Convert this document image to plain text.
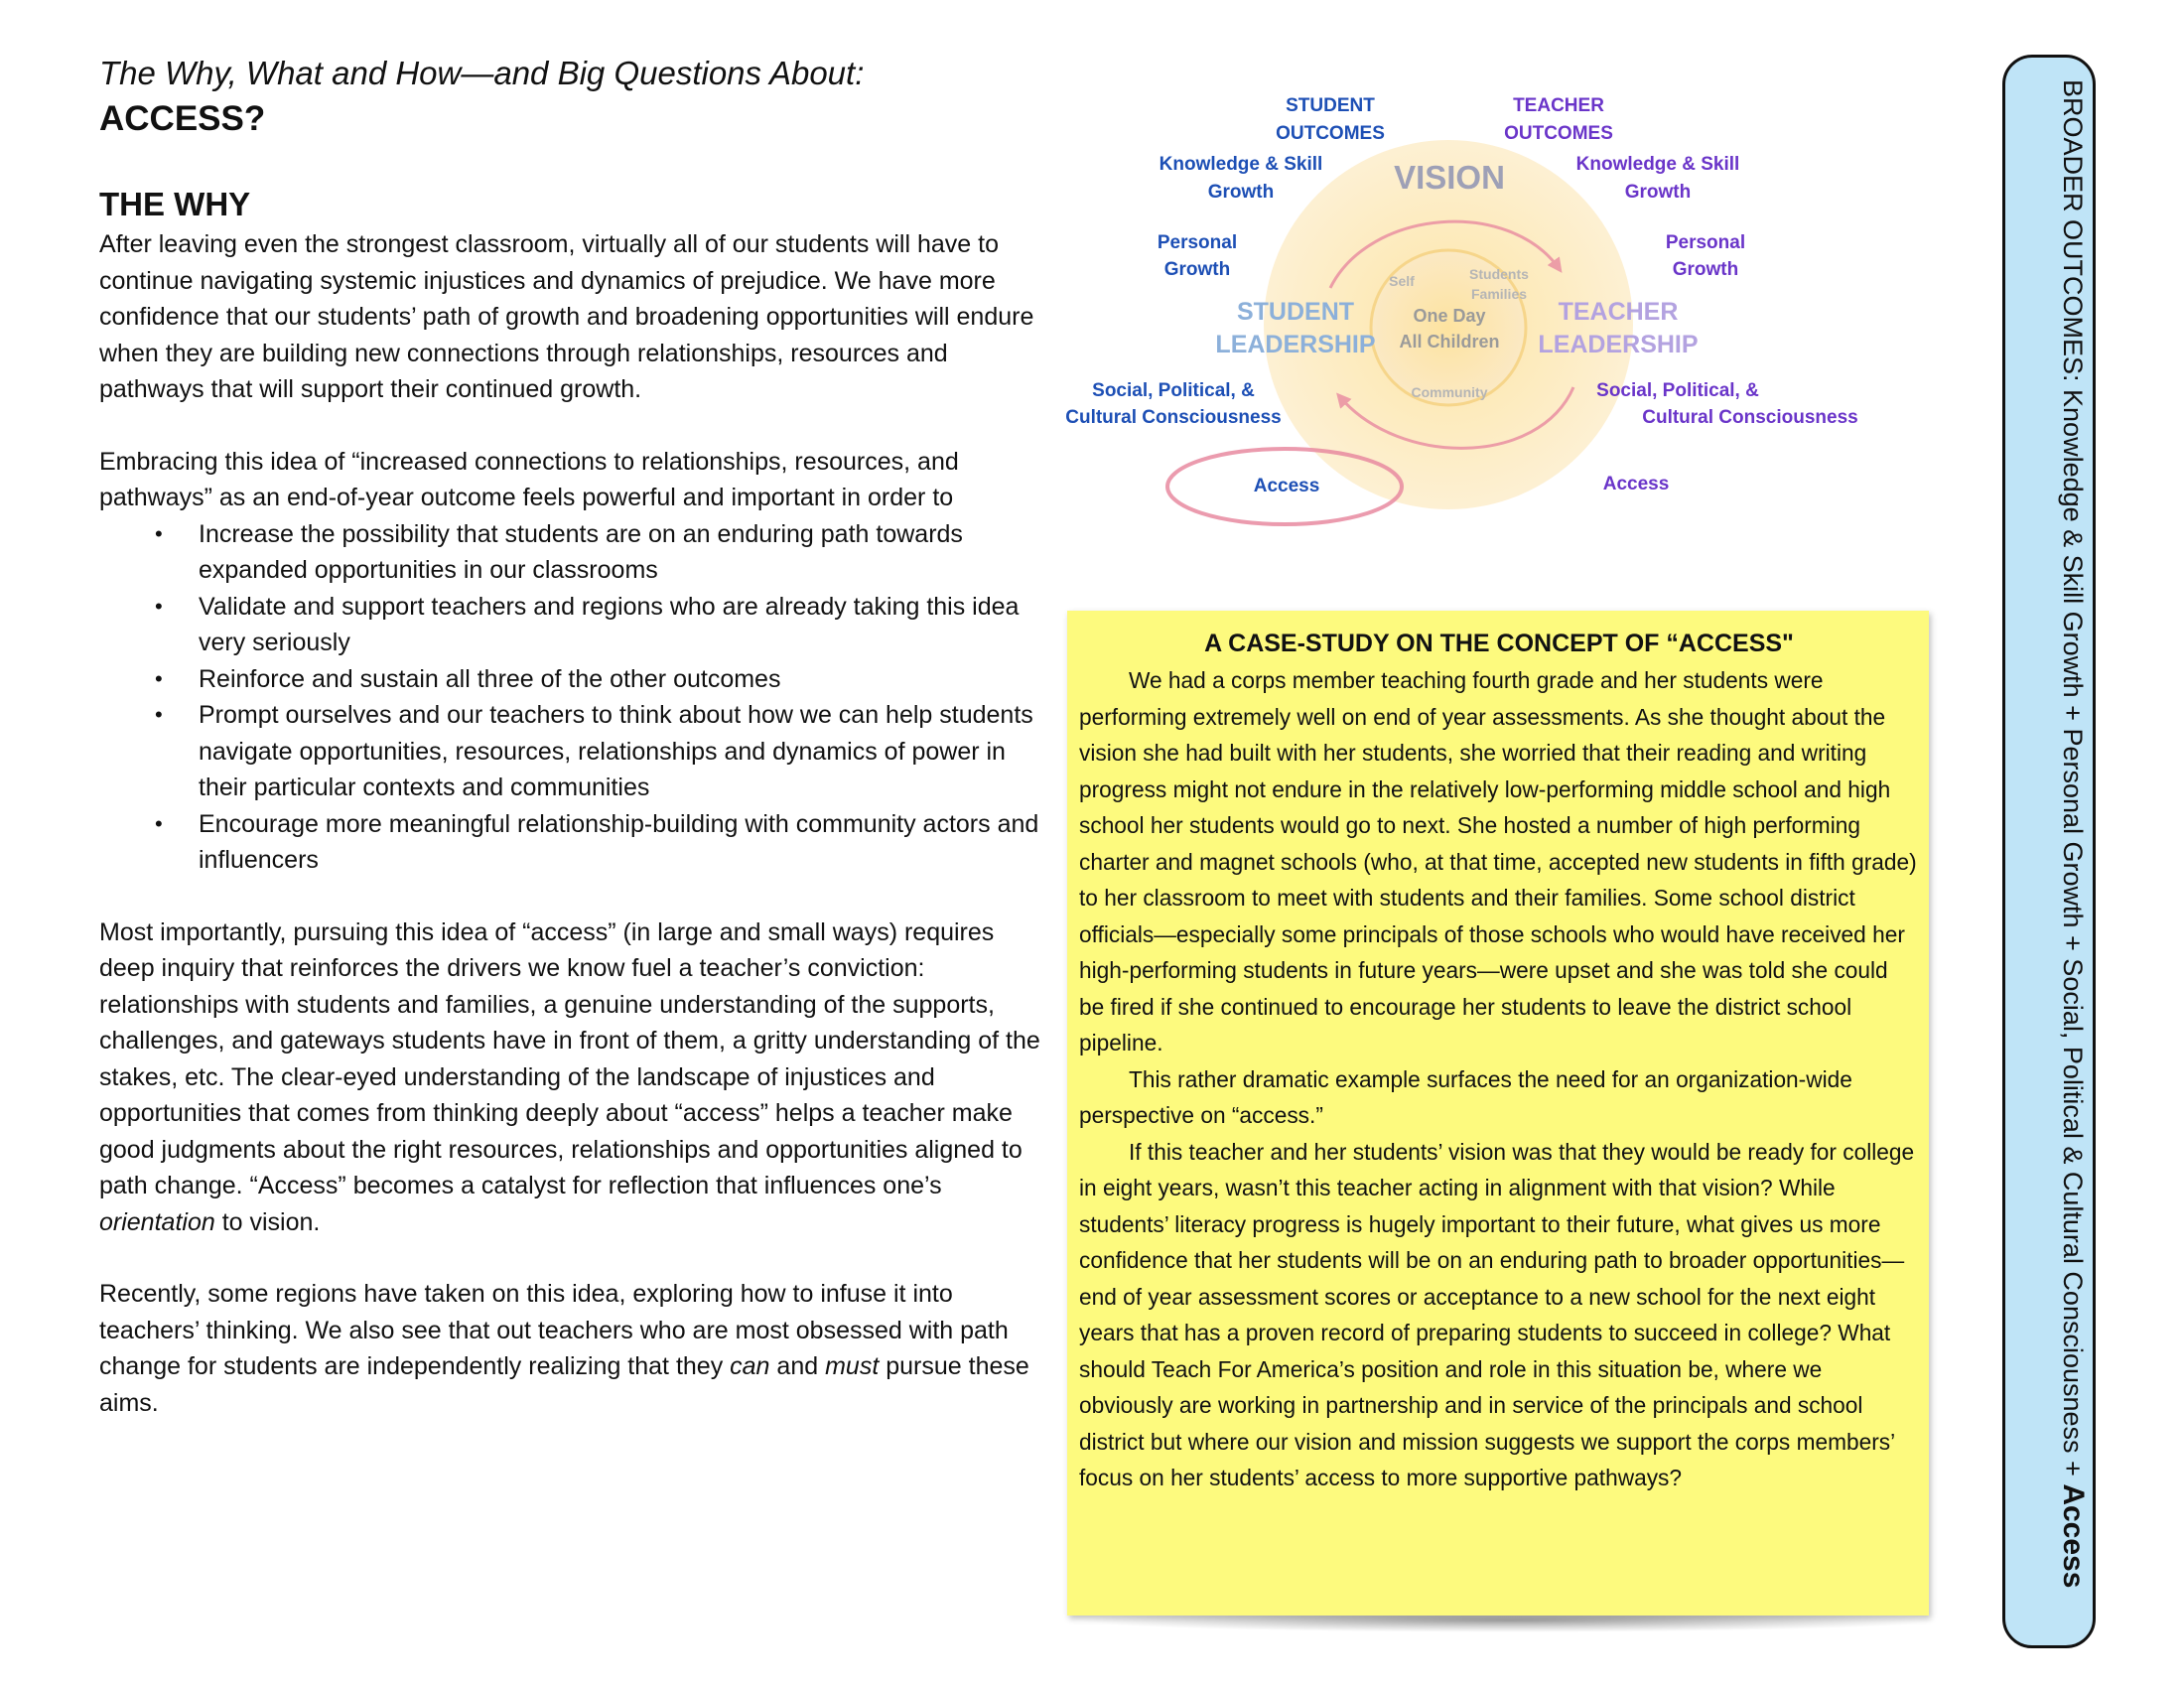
The Why, What and How—and Big Questions About:
ACCESS?
THE WHY

After leaving even the strongest classroom, virtually all of our students will have to continue navigating systemic injustices and dynamics of prejudice. We have more confidence that our students’ path of growth and broadening opportunities will endure when they are building new connections through relationships, resources and pathways that will support their continued growth.

Embracing this idea of “increased connections to relationships, resources, and pathways” as an end-of-year outcome feels powerful and important in order to

• Increase the possibility that students are on an enduring path towards expanded opportunities in our classrooms
• Validate and support teachers and regions who are already taking this idea very seriously
• Reinforce and sustain all three of the other outcomes
• Prompt ourselves and our teachers to think about how we can help students navigate opportunities, resources, relationships and dynamics of power in their particular contexts and communities
• Encourage more meaningful relationship-building with community actors and influencers

Most importantly, pursuing this idea of “access” (in large and small ways) requires deep inquiry that reinforces the drivers we know fuel a teacher’s conviction: relationships with students and families, a genuine understanding of the supports, challenges, and gateways students have in front of them, a gritty understanding of the stakes, etc. The clear-eyed understanding of the landscape of injustices and opportunities that comes from thinking deeply about “access” helps a teacher make good judgments about the right resources, relationships and opportunities aligned to path change. “Access” becomes a catalyst for reflection that influences one’s orientation to vision.

Recently, some regions have taken on this idea, exploring how to infuse it into teachers’ thinking. We also see that out teachers who are most obsessed with path change for students are independently realizing that they can and must pursue these aims.

VISION
STUDENT
OUTCOMES
TEACHER
OUTCOMES
Knowledge & Skill
Growth
Knowledge & Skill
Growth
Personal
Growth
Personal
Growth
STUDENT
LEADERSHIP
TEACHER
LEADERSHIP
One Day
All Children
Self	Students
Families
Community
Social, Political, &
Cultural Consciousness
Social, Political, &
Cultural Consciousness
Access	Access
A CASE-STUDY ON THE CONCEPT OF “ACCESS"

We had a corps member teaching fourth grade and her students were performing extremely well on end of year assessments. As she thought about the vision she had built with her students, she worried that their reading and writing progress might not endure in the relatively low-performing middle school and high school her students would go to next. She hosted a number of high performing charter and magnet schools (who, at that time, accepted new students in fifth grade) to her classroom to meet with students and their families. Some school district officials—especially some principals of those schools who would have received her high-performing students in future years—were upset and she was told she could be fired if she continued to encourage her students to leave the district school pipeline.

This rather dramatic example surfaces the need for an organization-wide perspective on “access.”

If this teacher and her students’ vision was that they would be ready for college in eight years, wasn’t this teacher acting in alignment with that vision? While students’ literacy progress is hugely important to their future, what gives us more confidence that her students will be on an enduring path to broader opportunities—end of year assessment scores or acceptance to a new school for the next eight years that has a proven record of preparing students to succeed in college? What should Teach For America’s position and role in this situation be, where we obviously are working in partnership and in service of the principals and school district but where our vision and mission suggests we support the corps members’ focus on her students’ access to more supportive pathways?

BROADER OUTCOMES: Knowledge & Skill Growth + Personal Growth + Social, Political & Cultural Consciousness + Access
